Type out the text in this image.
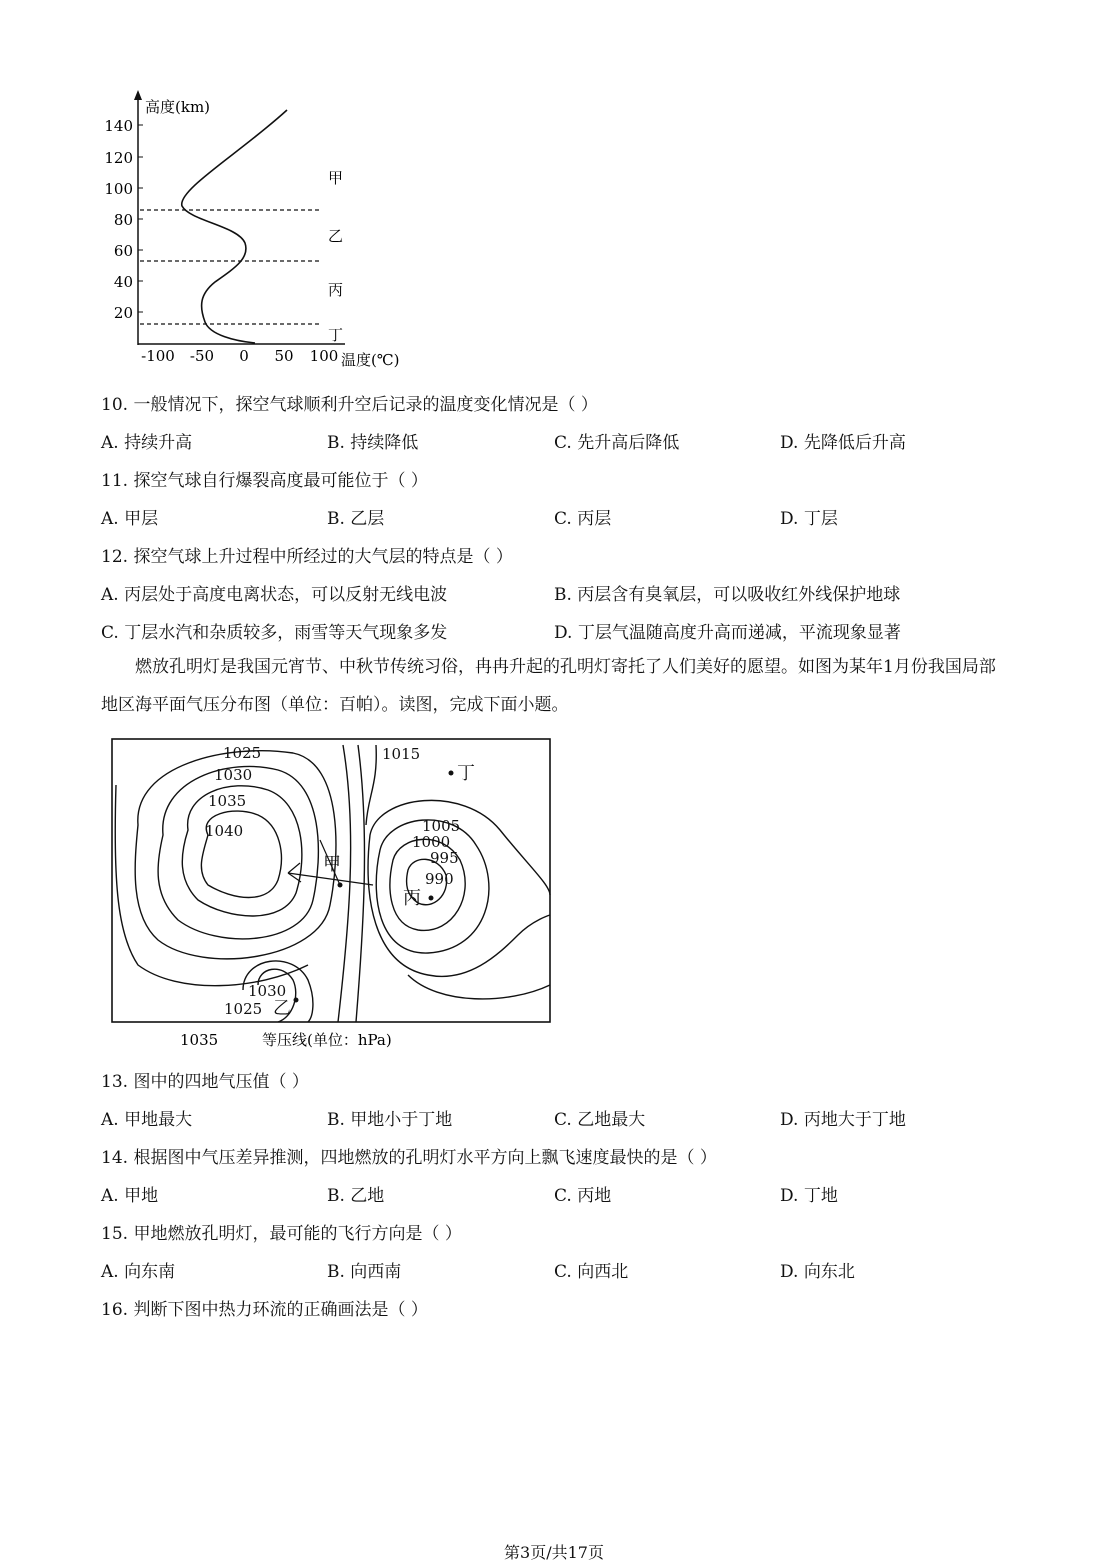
高度(km)
温度(℃)
140
120
100
80
60
40
20
-100 -50 0 50 100
甲
乙
丙
丁
10. 一般情况下，探空气球顺利升空后记录的温度变化情况是（ ）
A. 持续升高	B. 持续降低	C. 先升高后降低	D. 先降低后升高
11. 探空气球自行爆裂高度最可能位于（ ）
A. 甲层	B. 乙层	C. 丙层	D. 丁层
12. 探空气球上升过程中所经过的大气层的特点是（ ）
A. 丙层处于高度电离状态，可以反射无线电波	B. 丙层含有臭氧层，可以吸收红外线保护地球
C. 丁层水汽和杂质较多，雨雪等天气现象多发	D. 丁层气温随高度升高而递减，平流现象显著
燃放孔明灯是我国元宵节、中秋节传统习俗，冉冉升起的孔明灯寄托了人们美好的愿望。如图为某年1月份我国局部地区海平面气压分布图（单位：百帕）。读图，完成下面小题。
1025
1030
1035
1040
1015
1005
1000
995
990
1030
1025
甲
乙
丙
丁
1035	等压线(单位：hPa)
13. 图中的四地气压值（ ）
A. 甲地最大	B. 甲地小于丁地	C. 乙地最大	D. 丙地大于丁地
14. 根据图中气压差异推测，四地燃放的孔明灯水平方向上飘飞速度最快的是（ ）
A. 甲地	B. 乙地	C. 丙地	D. 丁地
15. 甲地燃放孔明灯，最可能的飞行方向是（ ）
A. 向东南	B. 向西南	C. 向西北	D. 向东北
16. 判断下图中热力环流的正确画法是（ ）
第3页/共17页
